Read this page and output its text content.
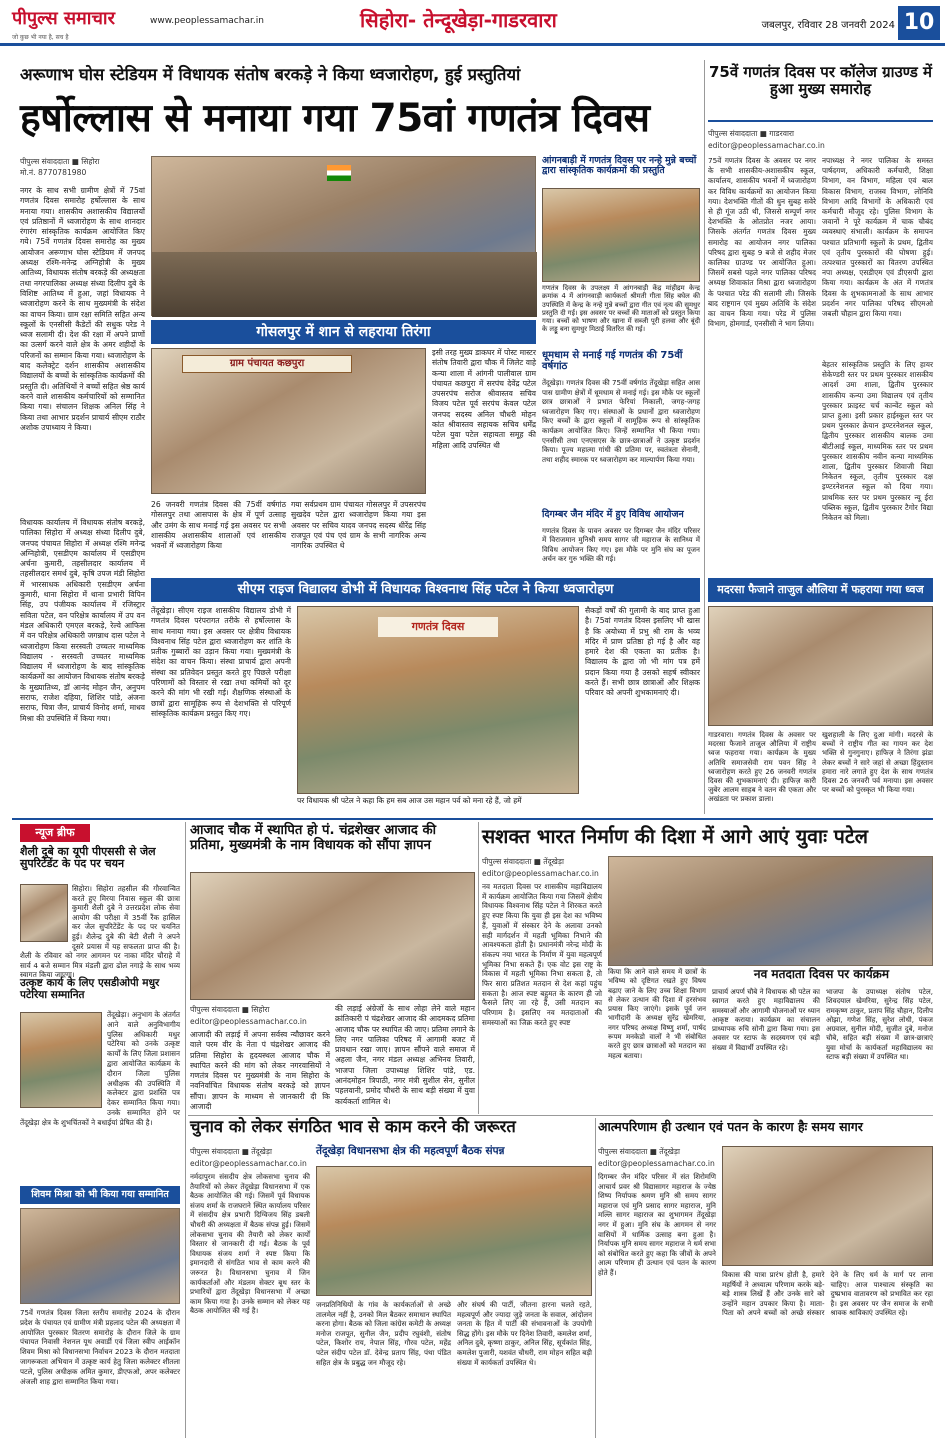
पीपुल्स समाचार
जो कुछ भी नया है, सच है
www.peoplessamachar.in	सिहोरा- तेन्दूखेड़ा-गाडरवारा	जबलपुर, रविवार 28 जनवरी 2024 10
अरूणाभ घोस स्टेडियम में विधायक संतोष बरकड़े ने किया ध्वजारोहण, हुई प्रस्तुतियां
हर्षोल्लास से मनाया गया 75वां गणतंत्र दिवस
पीपुल्स संवाददाता ■ सिहोरा
मो.नं. 8770781980
नगर के साथ सभी ग्रामीण क्षेत्रों में 75वां गणतंत्र दिवस समारोह हर्षोल्लास के साथ मनाया गया। शासकीय अशासकीय विद्यालयों एवं प्रतिष्ठानों में ध्वजारोहण के साथ शानदार रंगारंग सांस्कृतिक कार्यक्रम आयोजित किए गये। 75वें गणतंत्र दिवस समारोह का मुख्य आयोजन अरूणाभ घोस स्टेडियम में जनपद अध्यक्ष रश्मि-मनेन्द्र अग्निहोत्री के मुख्य आतिथ्य, विधायक संतोष बरकड़े की अध्यक्षता तथा नगरपालिका अध्यक्ष संध्या दिलीप दुबे के विशिष्ट आतिथ्य में हुआ, जहां विधायक ने ध्वजारोहण करने के साथ मुख्यमंत्री के संदेश का वाचन किया। ग्राम रक्षा समिति सहित अन्य स्कूलों के एनसीसी कैडेटों की सधुक परेड ने ध्वज सलामी दी। देश की रक्षा में अपने प्राणों का उत्सर्ग करने वाले क्षेत्र के अमर शहीदों के परिजनों का सम्मान किया गया। ध्वजारोहण के बाद कलेक्ट्रेट दर्शन शासकीय अशासकीय विद्यालयों के बच्चों के सांस्कृतिक कार्यक्रमों की प्रस्तुति दी। अतिथियों ने बच्चों सहित श्रेष्ठ कार्य करने वाले शासकीय कर्मचारियों को सम्मानित किया गया। संचालन शिक्षक अनिल सिंह ने किया तथा आभार प्रदर्शन प्राचार्य सीएम राठौर अशोक उपाध्याय ने किया।
विधायक कार्यालय में विधायक संतोष बरकड़े, पालिका सिहोरा में अध्यक्ष संध्या दिलीप दुबे, जनपद पंचायत सिहोरा में अध्यक्ष रश्मि मनेन्द्र अग्निहोत्री, एसडीएम कार्यालय में एसडीएम अर्चना कुमारी, तहसीलदार कार्यालय में तहसीलदार समर्थ दुबे, कृषि उपज मंडी सिहोरा में भारसाधक अधिकारी एसडीएम अर्चना कुमारी, थाना सिहोरा में थाना प्रभारी विपिन सिंह, उप पंजीयक कार्यालय में रजिस्ट्रार सविता पटेल, वन परिक्षेत्र कार्यालय में उप वन मंडल अधिकारी एमएल बरकड़े, रेल्वे आफिस में वन परिक्षेत्र अधिकारी जगन्नाथ दास पटेल ने ध्वजारोहण किया सरस्वती उच्चतर माध्यमिक विद्यालय - सरस्वती उच्चतर माध्यमिक विद्यालय में ध्वजारोहण के बाद सांस्कृतिक कार्यक्रमों का आयोजन विधायक संतोष बरकड़े के मुख्यातिथ्य, डॉ आनंद मोहन जैन, अनुपम सराफ, राजेश दहिया, शिशिर पांडे, अंजना सराफ, चित्रा जैन, प्राचार्य विनोद शर्मा, माधव मिश्रा की उपस्थिति में किया गया।
आंगनबाड़ी में गणतंत्र दिवस पर नन्हे मुन्ने बच्चों द्वारा सांस्कृतिक कार्यक्रमों की प्रस्तुति
गणतंत्र दिवस के उपलक्ष्य में आंगनबाड़ी केंद्र मांहीद्रम केन्द्र क्रमांक 4 में आंगनवाड़ी कार्यकर्ता श्रीमती गीता सिंह बघेल की उपस्थिति में केन्द्र के नन्हे मुन्ने बच्चों द्वारा गीत एवं नृत्य की सुमधुर प्रस्तुति दी गई। इस अवसर पर बच्चों की माताओं को प्रस्तुत किया गया। बच्चों को भाषण और खाना में सब्जी पूरी हलवा और बूंदी के लड्डू बना सुमधुर मिठाई वितरित की गई।
गोसलपुर में शान से लहराया तिरंगा
ग्राम पंचायत कछपुरा
26 जनवरी गणतंत्र दिवस की 75वीं वर्षगांठ गोसलपुर तथा आसपास के क्षेत्र में पूर्ण उत्साह और उमंग के साथ मनाई गई इस अवसर पर सभी शासकीय अशासकीय शालाओं एवं शासकीय भवनों में ध्वजारोहण किया
गया सर्वप्रथम ग्राम पंचायत गोसलपुर में उपसरपंच सुखदेव पटेल द्वारा ध्वजारोहण किया गया इस अवसर पर सचिव यादव जनपद सदस्य धीरेंद्र सिंह राजपूत एवं पंच एवं ग्राम के सभी नागरिक अन्य नागरिक उपस्थित थे
इसी तरह मुख्य डाकघर में पोस्ट मास्टर संतोष तिवारी द्वारा चौक में जिलेट वाहे कन्या शाला में आंगनी पालीवाल ग्राम पंचायत कछपुरा में सरपंच देवेंद्र पटेल उपसरपंच सरोज श्रीवास्तव सचिव विजय पटेल पूर्व सरपंच केवल पटेल जनपद सदस्य अनिल चौधरी मोहन कांत श्रीवास्तव सहायक सचिव धर्मेंद्र पटेल युवा पटेल सहायता समूह की महिला आदि उपस्थित थी
धूमधाम से मनाई गई गणतंत्र की 75वीं वर्षगांठ
तेंदूखेड़ा। गणतंत्र दिवस की 75वीं वर्षगांठ तेंदूखेड़ा सहित आस पास ग्रामीण क्षेत्रों में धूमधाम से मनाई गई। इस मौके पर स्कूलों छात्र छात्राओं ने प्रभात फेरियां निकाली, जगह-जगह ध्वजारोहण किए गए। संस्थाओं के प्रधानों द्वारा ध्वजारोहण किए बच्चों के द्वारा स्कूलों में सामूहिक रूप से सांस्कृतिक कार्यक्रम आयोजित किए। जिन्हें सम्मानित भी किया गया। एनसीसी तथा एनएसएस के छात्र-छात्राओं ने उत्कृष्ट प्रदर्शन किया। पूज्य महात्मा गांधी की प्रतिमा पर, स्वतंत्रता सेनानी, तथा शहीद स्मारक पर ध्वजारोहण कर माल्यार्पण किया गया।
दिगम्बर जैन मंदिर में हुए विविध आयोजन
गणतंत्र दिवस के पावन अवसर पर दिगम्बर जैन मंदिर परिसर में विराजमान मुनिश्री समय सागर जी महाराज के सानिध्य में विविध आयोजन किए गए। इस मौके पर मुनि संघ का पूजन अर्चन कर गुरु भक्ति की गई।
75वें गणतंत्र दिवस पर कॉलेज ग्राउण्ड में हुआ मुख्य समारोह
पीपुल्स संवाददाता ■ गाडरवारा
editor@peoplessamachar.co.in
75वें गणतंत्र दिवस के अवसर पर नगर के सभी शासकीय-अशासकीय स्कूल, कार्यालय, शासकीय भवनों में ध्वजारोहण कर विविध कार्यक्रमों का आयोजन किया गया। देशभक्ति गीतों की धुन सुबह सवेरे से ही गूंज उठी थी, जिससे सम्पूर्ण नगर देशभक्ति के ओतप्रोत नजर आया। जिसके अंतर्गत गणतंत्र दिवस मुख्य समारोह का आयोजन नगर पालिका परिषद द्वारा सुबह 9 बजे से शहीद मेजर कालिका ग्राउण्ड पर आयोजित हुआ। जिसमें सबसे पहले नगर पालिका परिषद अध्यक्ष शिवाकांत मिश्रा द्वारा ध्वजारोहण के पश्चात परेड की सलामी ली। जिसके बाद राष्ट्रगान एवं मुख्य अतिथि के संदेश का वाचन किया गया। परेड में पुलिस विभाग, होमगार्ड, एनसीसी ने भाग लिया।
नपाध्यक्ष ने नगर पालिका के समस्त पार्षदगण, अधिकारी कर्मचारी, शिक्षा विभाग, वन विभाग, महिला एवं बाल विकास विभाग, राजस्व विभाग, लोनिवि विभाग आदि विभागों के अधिकारी एवं कर्मचारी मौजूद रहे। पुलिस विभाग के जवानों ने पूरे कार्यक्रम में चाक चौबंद व्यवस्थाएं संभाली। कार्यक्रम के समापन पश्चात प्रतिभागी स्कूलों के प्रथम, द्वितीय एवं तृतीय पुरस्कारों की घोषणा हुई। तत्पश्चात पुरस्कारों का वितरण उपस्थित नपा अध्यक्ष, एसडीएम एवं डीएसपी द्वारा किया गया। कार्यक्रम के अंत में गणतंत्र दिवस के शुभकामनाओं के साथ आभार प्रदर्शन नगर पालिका परिषद सीएमओ जबली चौहान द्वारा किया गया।
बेहतर सांस्कृतिक प्रस्तुति के लिए हायर सेकेण्डरी स्तर पर प्रथम पुरस्कार शासकीय आदर्श उमा शाला, द्वितीय पुरस्कार शासकीय कन्या उमा विद्यालय एवं तृतीय पुरस्कार फ्राइस्ट चर्च कान्वेंट स्कूल को प्राप्त हुआ। इसी प्रकार हाईस्कूल स्तर पर प्रथम पुरस्कार क्रेयान इण्टरनेशनल स्कूल, द्वितीय पुरस्कार शासकीय बालक उमा बीटीआई स्कूल, माध्यमिक स्तर पर प्रथम पुरस्कार शासकीय नवीन कन्या माध्यमिक शाला, द्वितीय पुरस्कार शिवाजी विद्या निकेतन स्कूल, तृतीय पुरस्कार दक्ष इण्टरनेशनल स्कूल को दिया गया। प्राथमिक स्तर पर प्रथम पुरस्कार न्यू ईरा पब्लिक स्कूल, द्वितीय पुरस्कार टैगोर विद्या निकेतन को मिला।
सीएम राइज विद्यालय डोभी में विधायक विश्वनाथ सिंह पटेल ने किया ध्वजारोहण
तेंदूखेड़ा। सीएम राइज शासकीय विद्यालय डोभी में गणतंत्र दिवस परंपरागत तरीके से हर्षोल्लास के साथ मनाया गया। इस अवसर पर क्षेत्रीय विधायक विश्वनाथ सिंह पटेल द्वारा ध्वजारोहण कर शांति के प्रतीक गुब्बारों का उड़ान किया गया। मुख्यमंत्री के संदेश का वाचन किया। संस्था प्राचार्य द्वारा अपनी संस्था का प्रतिवेदन प्रस्तुत करते हुए पिछले परीक्षा परिणामों को विस्तार से रखा तथा कमियों को दूर करने की मांग भी रखी गई। शैक्षणिक संस्थाओं के छात्रों द्वारा सामूहिक रूप से देशभक्ति से परिपूर्ण सांस्कृतिक कार्यक्रम प्रस्तुत किए गए।
गणतंत्र दिवस
पर विधायक श्री पटेल ने कहा कि हम सब आज उस महान पर्व को मना रहे हैं, जो हमें
सैकड़ों वर्षों की गुलामी के बाद प्राप्त हुआ है। 75वां गणतंत्र दिवस इसलिए भी खास है कि अयोध्या में प्रभु श्री राम के भव्य मंदिर में प्राण प्रतिष्ठा हो गई है और वह हमारे देश की एकता का प्रतीक है। विद्यालय के द्वारा जो भी मांग पत्र हमें प्रदान किया गया है उसको सहर्ष स्वीकार करते हैं। सभी छात्र छात्राओं और शिक्षक परिवार को अपनी शुभकामनाएं दी।
मदरसा फैजाने ताजुल औलिया में फहराया गया ध्वज
गाडरवारा। गणतंत्र दिवस के अवसर पर मदरसा फैजाने ताजुल औलिया में राष्ट्रीय ध्वज फहराया गया। कार्यक्रम के मुख्य अतिथि समाजसेवी राम पवन सिंह ने ध्वजारोहण करते हुए 26 जनवरी गणतंत्र दिवस की शुभकामनाएं दी। हाफिज़ कारी जुबेर आलम साहब ने वतन की एकता और अखंडता पर प्रकाश डाला।
खुशहाली के लिए दुआ मांगी। मदरसे के बच्चों ने राष्ट्रीय गीत का गायन कर देश भक्ति से गुनगुनाए। हाफिज़ ने तिरंगा झंडा लेकर बच्चों ने सारे जहां से अच्छा हिंदुस्तान हमारा नारे लगाते हुए देश के साथ गणतंत्र दिवस 26 जनवरी पर्व मनाया। इस अवसर पर बच्चों को पुरस्कृत भी किया गया।
न्यूज ब्रीफ
शैली दुबे का यूपी पीएससी से जेल सुपरिटेंडेंट के पद पर चयन
सिहोरा। सिहोरा तहसील की गौरवान्वित करते हुए मिरया निवास स्कूल की छात्रा कुमारी शैली दुबे ने उत्तरप्रदेश लोक सेवा आयोग की परीक्षा में 35वीं रैंक हासिल कर जेल सुपरिटेंडेंट के पद पर चयनित हुई। शैलेन्द्र दुबे की बेटी शैली ने अपने दूसरे प्रयास में यह सफलता प्राप्त की है। शैली के रविवार को नगर आगमन पर नाका मंदिर चौराहे में सार्व 4 बजे सम्मान मित्र मंडली द्वारा ढोल नगाड़े के साथ भव्य स्वागत किया जाएगा।
उत्कृष्ट कार्य के लिए एसडीओपी मधुर पटेरिया सम्मानित
तेंदूखेड़ा। अनुभाग के अंतर्गत आने वाले अनुविभागीय पुलिस अधिकारी मधुर पटेरिया को उनके उत्कृष्ट कार्यों के लिए जिला प्रशासन द्वारा आयोजित कार्यक्रम के दौरान जिला पुलिस अधीक्षक की उपस्थिति में कलेक्टर द्वारा प्रशस्ति पत्र देकर सम्मानित किया गया। उनके सम्मानित होने पर तेंदूखेड़ा क्षेत्र के शुभचिंतकों ने बधाईयां प्रेषित की है।
शिवम मिश्रा को भी किया गया सम्मानित
75वें गणतंत्र दिवस जिला स्तरीय समारोह 2024 के दौरान प्रदेश के पंचायत एवं ग्रामीण मंत्री प्रहलाद पटेल की अध्यक्षता में आयोजित पुरस्कार वितरण समारोह के दौरान जिले के ग्राम पंचायत निवासी नेशनल यूथ अवार्डी एवं जिला स्वीप आईकॉन शिवम मिश्रा को विधानसभा निर्वाचन 2023 के दौरान मतदाता जागरूकता अभियान में उत्कृष्ट कार्य हेतु जिला कलेक्टर शीतला पटले, पुलिस अधीक्षक अमित कुमार, डीएफओ, अपर कलेक्टर अंजली शाह द्वारा सम्मानित किया गया।
आजाद चौक में स्थापित हो पं. चंद्रशेखर आजाद की प्रतिमा, मुख्यमंत्री के नाम विधायक को सौंपा ज्ञापन
पीपुल्स संवाददाता ■ सिहोरा
editor@peoplessamachar.co.in
आजादी की लड़ाई में अपना सर्वस्व न्यौछावर करने वाले परम वीर के नेता पं चंद्रशेखर आजाद की प्रतिमा सिहोरा के हृदयस्थल आजाद चौक में स्थापित करने की मांग को लेकर नगरवासियों ने गणतंत्र दिवस पर मुख्यमंत्री के नाम सिहोरा के नवनिर्वाचित विधायक संतोष बरकड़े को ज्ञापन सौंपा। ज्ञापन के माध्यम से जानकारी दी कि आजादी
की लड़ाई अंग्रेजों के साथ लोहा लेने वाले महान क्रांतिकारी पं चंद्रशेखर आजाद की आदमकद प्रतिमा आजाद चौक पर स्थापित की जाए। प्रतिमा लगाने के लिए नगर पालिका परिषद में आगामी बजट में प्रावधान रखा जाए। ज्ञापन सौंपने वाले समाज में अहला जैन, नगर मंडल अध्यक्ष अभिनव तिवारी, भाजपा जिला उपाध्यक्ष शिशिर पांडे, एड. आनंदमोहन त्रिपाठी, नगर मंत्री सुशील सेन, सुनील पहलवानी, प्रमोद चौधरी के साथ बड़ी संख्या में युवा कार्यकर्ता शामिल थे।
सशक्त भारत निर्माण की दिशा में आगे आएं युवाः पटेल
पीपुल्स संवाददाता ■ तेंदूखेड़ा
editor@peoplessamachar.co.in
नव मतदाता दिवस पर शासकीय महाविद्यालय में कार्यक्रम आयोजित किया गया जिसमें क्षेत्रीय विधायक विश्वनाथ सिंह पटेल ने शिरकत करते हुए स्पष्ट किया कि युवा ही इस देश का भविष्य हैं, युवाओं में संस्कार देने के अलावा उनको सही मार्गदर्शन में महती भूमिका निभाने की आवश्यकता होती है। प्रधानमंत्री नरेन्द्र मोदी के संकल्प नया भारत के निर्माण में युवा महत्वपूर्ण भूमिका निभा सकते हैं। एक वोट इस राष्ट्र के विकास में महती भूमिका निभा सकता है, तो फिर सारा प्रतिशत मतदान से देश कहां पहुंच सकता है। आज स्पष्ट बहुमत के कारण ही जो फैसले लिए जा रहे हैं, उसी मतदान का परिणाम है। इसलिए नव मतदाताओं की समस्याओं का जिक्र करते हुए स्पष्ट
नव मतदाता दिवस पर कार्यक्रम
किया कि आने वाले समय में छात्रों के भविष्य को दृष्टिगत रखते हुए विषय बढ़ाए जाने के लिए उच्च शिक्षा विभाग से लेकर उत्थान की दिशा में हरसंभव प्रयास किए जाएंगे। इसके पूर्व जन भागीदारी के अध्यक्ष सुरेंद्र खेमरिया, नगर परिषद अध्यक्ष विष्णु शर्मा, पार्षद रूपम मनकेडो वालों ने भी संबोधित करते हुए छात्र छात्राओं को मतदान का महत्व बताया।
प्राचार्य अपर्ण चौबे ने विधायक श्री पटेल का स्वागत करते हुए महाविद्यालय की समस्याओं और आगामी योजनाओं पर ध्यान आकृष्ट कराया। कार्यक्रम का संचालन प्राध्यापक रुचि सोनी द्वारा किया गया। इस अवसर पर स्टाफ के सदस्यगण एवं बड़ी संख्या में विद्यार्थी उपस्थित रहे।
भाजपा के उपाध्यक्ष संतोष पटेल, शिवदयाल खेमरिया, सुरेन्द्र सिंह पटेल, रामकृष्ण ठाकुर, प्रताप सिंह चौहान, दिलीप ओझा, गणेश सिंह, सुरेश लोधी, पंकज अग्रवाल, सुनील मोदी, सुजीत दुबे, मनोज चौबे, सहित बड़ी संख्या में छात्र-छात्राएं युवा मोर्चा के कार्यकर्ता महाविद्यालय का स्टाफ बड़ी संख्या में उपस्थित था।
चुनाव को लेकर संगठित भाव से काम करने की जरूरत
पीपुल्स संवाददाता ■ तेंदूखेड़ा
editor@peoplessamachar.co.in
नर्मदापुरम संसदीय क्षेत्र लोकसभा चुनाव की तैयारियों को लेकर तेंदूखेड़ा विधानसभा में एक बैठक आयोजित की गई। जिसमें पूर्व विधायक संजय शर्मा के राजघराने स्थित कार्यालय परिसर में संसदीय क्षेत्र प्रभारी दिग्विजय सिंह डबली चौधरी की अध्यक्षता में बैठक संपन्न हुई। जिसमें लोकसभा चुनाव की तैयारी को लेकर कार्यों विस्तार से जानकारी दी गई। बैठक के पूर्व विधायक संजय शर्मा ने स्पष्ट किया कि इमानदारी से संगठित भाव से काम करने की जरूरत है। विधानसभा चुनाव में जिन कार्यकर्ताओं और मंडलम सेक्टर बूथ स्तर के प्रभारियों द्वारा तेंदूखेड़ा विधानसभा में अच्छा काम किया गया है। उनके सम्मान को लेकर यह बैठक आयोजित की गई है।
तेंदूखेड़ा विधानसभा क्षेत्र की महत्वपूर्ण बैठक संपन्न
जनप्रतिनिधियों के गांव के कार्यकर्ताओं से अच्छे तालमेल नहीं है, उनको मिल बैठकर समाधान स्थापित करना होगा। बैठक को जिला कांग्रेस कमेटी के अध्यक्ष मनोज राजपूत, सुनील जैन, प्रदीप रघुवंशी, संतोष पटेल, किशोर राय, नेपाल सिंह, गौरव पटेल, महेंद्र पटेल संदीप पटेल डॉ. देवेन्द्र प्रताप सिंह, पंथा पंडित सहित क्षेत्र के प्रबुद्ध जन मौजूद रहे।
और संघर्ष की पार्टी, जीतना हारना चलते रहते, महत्वपूर्ण और ज्यादा जुड़े जनता के सवाल, आंदोलन जनता के हित में पार्टी की संभावनाओं के उपयोगी सिद्ध होंगे। इस मौके पर दिनेश तिवारी, कमलेश शर्मा, अनिल दुबे, कृष्णा ठाकुर, अनिल सिंह, सूर्यकांत सिंह, कमलेश पुजारी, यशवंत चौधरी, राम मोहन सहित बड़ी संख्या में कार्यकर्ता उपस्थित थे।
आत्मपरिणाम ही उत्थान एवं पतन के कारण हैः समय सागर
पीपुल्स संवाददाता ■ तेंदूखेड़ा
editor@peoplessamachar.co.in
दिगम्बर जैन मंदिर परिसर में संत शिरोमणि आचार्य प्रवर श्री विद्यासागर महाराज के ज्येष्ठ शिष्य निर्यापक श्रमण मुनि श्री समय सागर महाराज एवं मुनि प्रसाद सागर महाराज, मुनि मल्लि सागर महाराज का शुभागमन तेंदूखेड़ा नगर में हुआ। मुनि संघ के आगमन से नगर वासियों में धार्मिक उत्साह बना हुआ है। निर्यापक मुनि समय सागर महाराज ने धर्म सभा को संबोधित करते हुए कहा कि जीवों के अपने आत्म परिणाम ही उत्थान एवं पतन के कारण होते हैं।	विकास की यात्रा प्रारंभ होती है, हमारे महर्षियों ने अध्यात्म परिणाम करके बड़े-बड़े शास्त्र लिखें हैं और उनके सारे को उन्होंने महान उपकार किया है। माता-पिता को अपने बच्चों को अच्छे संस्कार देने के लिए धर्म के मार्ग पर लाना चाहिए। आज पाश्चात्य संस्कृति का दुष्प्रभाव वातावरण को प्रभावित कर रहा है। इस अवसर पर जैन समाज के सभी श्रावक श्राविकाएं उपस्थित रहे।
